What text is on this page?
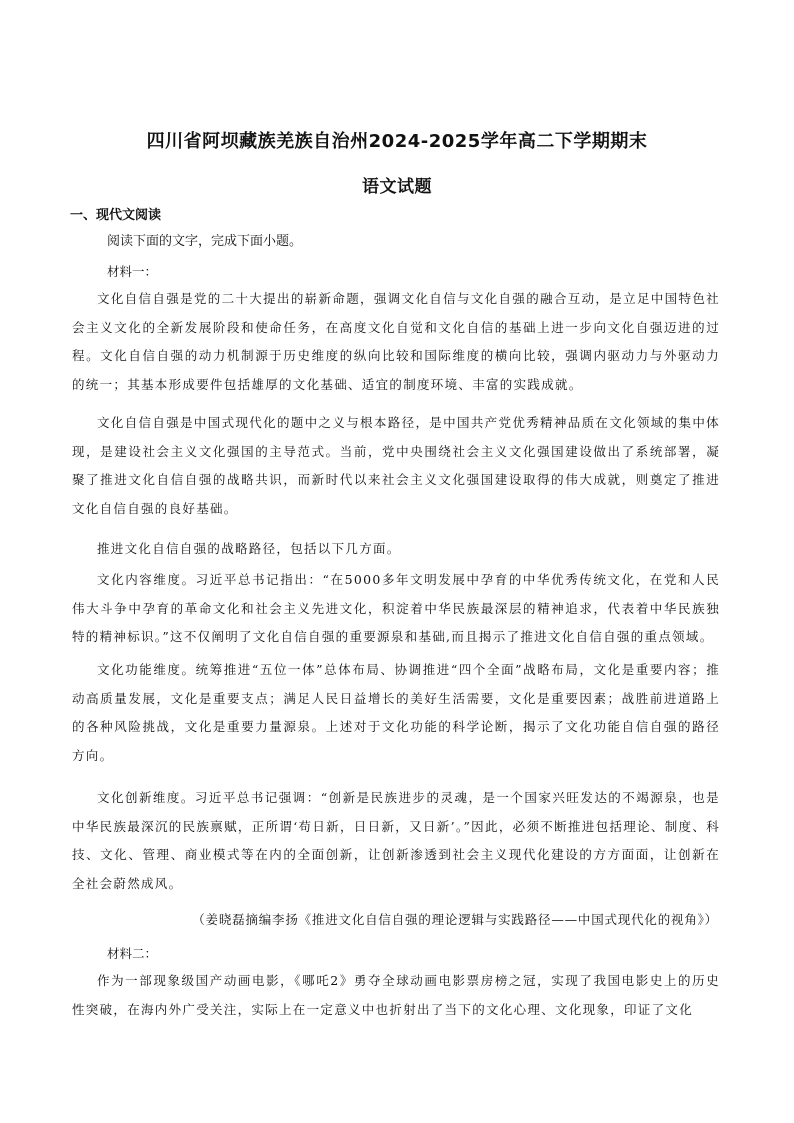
四川省阿坝藏族羌族自治州2024-2025学年高二下学期期末
语文试题
一、现代文阅读
阅读下面的文字，完成下面小题。
材料一：
文化自信自强是党的二十大提出的崭新命题，强调文化自信与文化自强的融合互动，是立足中国特色社会主义文化的全新发展阶段和使命任务，在高度文化自觉和文化自信的基础上进一步向文化自强迈进的过程。文化自信自强的动力机制源于历史维度的纵向比较和国际维度的横向比较，强调内驱动力与外驱动力的统一；其基本形成要件包括雄厚的文化基础、适宜的制度环境、丰富的实践成就。
文化自信自强是中国式现代化的题中之义与根本路径，是中国共产党优秀精神品质在文化领域的集中体现，是建设社会主义文化强国的主导范式。当前，党中央围绕社会主义文化强国建设做出了系统部署，凝聚了推进文化自信自强的战略共识，而新时代以来社会主义文化强国建设取得的伟大成就，则奠定了推进文化自信自强的良好基础。
推进文化自信自强的战略路径，包括以下几方面。
文化内容维度。习近平总书记指出：“在5000多年文明发展中孕育的中华优秀传统文化，在党和人民伟大斗争中孕育的革命文化和社会主义先进文化，积淀着中华民族最深层的精神追求，代表着中华民族独特的精神标识。”这不仅阐明了文化自信自强的重要源泉和基础,而且揭示了推进文化自信自强的重点领域。
文化功能维度。统筹推进“五位一体”总体布局、协调推进“四个全面”战略布局，文化是重要内容；推动高质量发展，文化是重要支点；满足人民日益增长的美好生活需要，文化是重要因素；战胜前进道路上的各种风险挑战，文化是重要力量源泉。上述对于文化功能的科学论断，揭示了文化功能自信自强的路径方向。
文化创新维度。习近平总书记强调：“创新是民族进步的灵魂，是一个国家兴旺发达的不竭源泉，也是中华民族最深沉的民族禀赋，正所谓‘苟日新，日日新，又日新’。”因此，必须不断推进包括理论、制度、科技、文化、管理、商业模式等在内的全面创新，让创新渗透到社会主义现代化建设的方方面面，让创新在全社会蔚然成风。
（姜晓磊摘编李扬《推进文化自信自强的理论逻辑与实践路径——中国式现代化的视角》）
材料二：
作为一部现象级国产动画电影，《哪吒2》勇夺全球动画电影票房榜之冠，实现了我国电影史上的历史性突破，在海内外广受关注，实际上在一定意义中也折射出了当下的文化心理、文化现象，印证了文化
